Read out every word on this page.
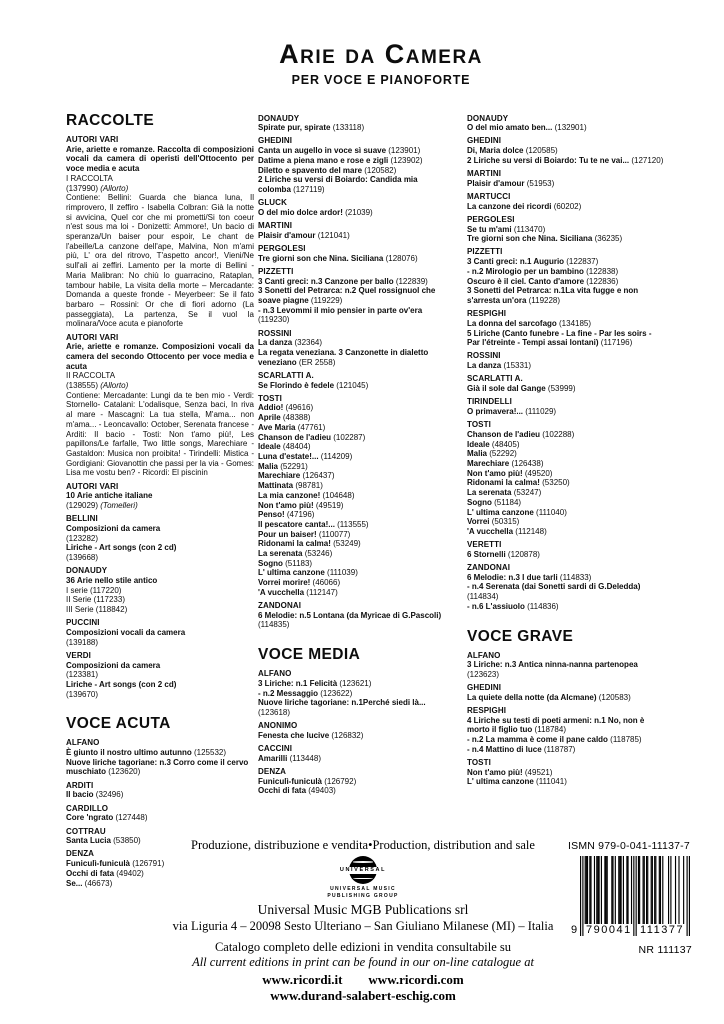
Arie da Camera
PER VOCE E PIANOFORTE
RACCOLTE
AUTORI VARI
Arie, ariette e romanze. Raccolta di composizioni vocali da camera di operisti dell'Ottocento per voce media e acuta
I RACCOLTA
(137990) (Allorto)
Contiene: Bellini: Guarda che bianca luna, Il rimprovero, Il zeffiro - Isabella Colbran: Già la notte si avvicina, Quel cor che mi prometti/Si ton coeur n'est sous ma loi - Donizetti: Ammore!, Un bacio di speranza/Un baiser pour espoir, Le chant de l'abeille/La canzone dell'ape, Malvina, Non m'ami più, L' ora del ritrovo, T'aspetto ancor!, Vieni/Ne sull'ali ai zeffiri. Lamento per la morte di Bellini - Maria Malibran: No chiù lo guarracino, Rataplan, tambour habile, La visita della morte – Mercadante: Domanda a queste fronde - Meyerbeer: Se il fato barbaro – Rossini: Or che di fiori adorno (La passeggiata), La partenza, Se il vuol la molinara/Voce acuta e pianoforte
AUTORI VARI
Arie, ariette e romanze. Composizioni vocali da camera del secondo Ottocento per voce media e acuta
II RACCOLTA
(138555) (Allorto)
Contiene: Mercadante: Lungi da te ben mio - Verdi: Stornello- Catalani: L'odalisque, Senza baci, In riva al mare - Mascagni: La tua stella, M'ama... non m'ama... - Leoncavallo: October, Serenata francese - Arditi: Il bacio - Tosti: Non t'amo più!, Les papillons/Le farfalle, Two little songs, Marechiare - Gastaldon: Musica non proibita! - Tirindelli: Mistica - Gordigiani: Giovanottin che passi per la via - Gomes: Lisa me vostu ben? - Ricordi: El piscinin
AUTORI VARI
10 Arie antiche italiane
(129029) (Tomelleri)
BELLINI
Composizioni da camera
(123282)
Liriche - Art songs (con 2 cd)
(139668)
DONAUDY
36 Arie nello stile antico
I serie (117220)
II Serie (117233)
III Serie (118842)
PUCCINI
Composizioni vocali da camera
(139188)
VERDI
Composizioni da camera
(123381)
Liriche - Art songs (con 2 cd)
(139670)
VOCE ACUTA
ALFANO
È giunto il nostro ultimo autunno (125532)
Nuove liriche tagoriane: n.3 Corro come il cervo muschiato (123620)
ARDITI
Il bacio (32496)
CARDILLO
Core 'ngrato (127448)
COTTRAU
Santa Lucia (53850)
DENZA
Funiculì-funiculà (126791)
Occhi di fata (49402)
Se... (46673)
DONAUDY
Spirate pur, spirate (133118)
GHEDINI
Canta un augello in voce sì suave (123901)
Datime a piena mano e rose e zigli (123902)
Diletto e spavento del mare (120582)
2 Liriche su versi di Boiardo: Candida mia colomba (127119)
GLUCK
O del mio dolce ardor! (21039)
MARTINI
Plaisir d'amour (121041)
PERGOLESI
Tre giorni son che Nina. Siciliana (128076)
PIZZETTI
3 Canti greci: n.3 Canzone per ballo (122839)
3 Sonetti del Petrarca: n.2 Quel rossignuol che soave piagne (119229)
- n.3 Levommi il mio pensier in parte ov'era (119230)
ROSSINI
La danza (32364)
La regata veneziana. 3 Canzonette in dialetto veneziano (ER 2558)
SCARLATTI A.
Se Florindo è fedele (121045)
TOSTI
Addio! (49616)
Aprile (48388)
Ave Maria (47761)
Chanson de l'adieu (102287)
Ideale (48404)
Luna d'estate!... (114209)
Malia (52291)
Marechiare (126437)
Mattinata (98781)
La mia canzone! (104648)
Non t'amo più! (49519)
Penso! (47196)
Il pescatore canta!... (113555)
Pour un baiser! (110077)
Ridonami la calma! (53249)
La serenata (53246)
Sogno (51183)
L' ultima canzone (111039)
Vorrei morire! (46066)
'A vucchella (112147)
ZANDONAI
6 Melodie: n.5 Lontana (da Myricae di G.Pascoli) (114835)
VOCE MEDIA
ALFANO
3 Liriche: n.1 Felicità (123621)
- n.2 Messaggio (123622)
Nuove liriche tagoriane: n.1Perché siedi là... (123618)
ANONIMO
Fenesta che lucive (126832)
CACCINI
Amarilli (113448)
DENZA
Funiculì-funiculà (126792)
Occhi di fata (49403)
DONAUDY
O del mio amato ben... (132901)
GHEDINI
Di, Maria dolce (120585)
2 Liriche su versi di Boiardo: Tu te ne vai... (127120)
MARTINI
Plaisir d'amour (51953)
MARTUCCI
La canzone dei ricordi (60202)
PERGOLESI
Se tu m'ami (113470)
Tre giorni son che Nina. Siciliana (36235)
PIZZETTI
3 Canti greci: n.1 Augurio (122837)
- n.2 Mirologio per un bambino (122838)
Oscuro è il ciel. Canto d'amore (122836)
3 Sonetti del Petrarca: n.1La vita fugge e non s'arresta un'ora (119228)
RESPIGHI
La donna del sarcofago (134185)
5 Liriche (Canto funebre - La fine - Par les soirs - Par l'étreinte - Tempi assai lontani) (117196)
ROSSINI
La danza (15331)
SCARLATTI A.
Già il sole dal Gange (53999)
TIRINDELLI
O primavera!... (111029)
TOSTI
Chanson de l'adieu (102288)
Ideale (48405)
Malia (52292)
Marechiare (126438)
Non t'amo più! (49520)
Ridonami la calma! (53250)
La serenata (53247)
Sogno (51184)
L' ultima canzone (111040)
Vorrei (50315)
'A vucchella (112148)
VERETTI
6 Stornelli (120878)
ZANDONAI
6 Melodie: n.3 I due tarli (114833)
- n.4 Serenata (dai Sonetti sardi di G.Deledda) (114834)
- n.6 L'assiuolo (114836)
VOCE GRAVE
ALFANO
3 Liriche: n.3 Antica ninna-nanna partenopea (123623)
GHEDINI
La quiete della notte (da Alcmane) (120583)
RESPIGHI
4 Liriche su testi di poeti armeni: n.1 No, non è morto il figlio tuo (118784)
- n.2 La mamma è come il pane caldo (118785)
- n.4 Mattino di luce (118787)
TOSTI
Non t'amo più! (49521)
L' ultima canzone (111041)
Produzione, distribuzione e vendita•Production, distribution and sale
UNIVERSAL
UNIVERSAL MUSIC
PUBLISHING GROUP
Universal Music MGB Publications srl
via Liguria 4 – 20098 Sesto Ulteriano – San Giuliano Milanese (MI) – Italia
Catalogo completo delle edizioni in vendita consultabile su
All current editions in print can be found in our on-line catalogue at
www.ricordi.it www.ricordi.com
www.durand-salabert-eschig.com
ISMN 979-0-041-11137-7
9 790041 111377
NR 111137
